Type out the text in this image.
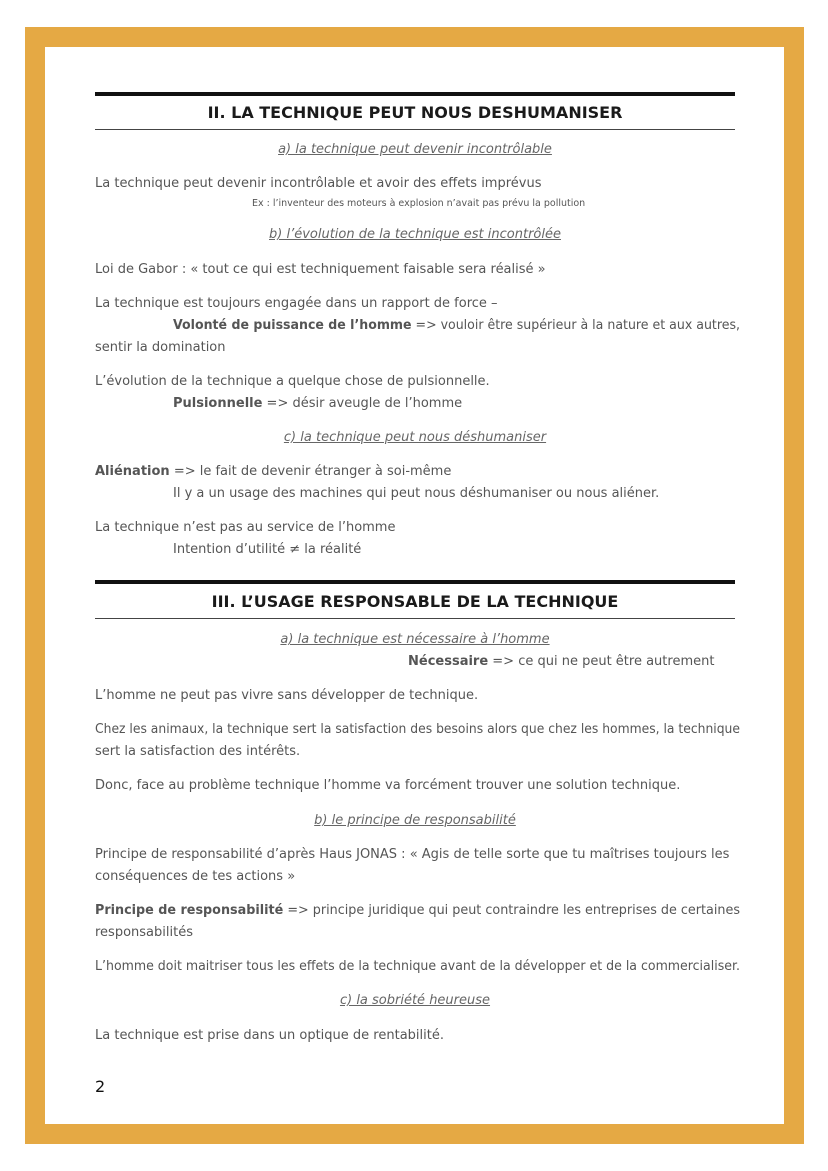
II. LA TECHNIQUE PEUT NOUS DESHUMANISER
a) la technique peut devenir incontrôlable
La technique peut devenir incontrôlable et avoir des effets imprévus
Ex : l’inventeur des moteurs à explosion n’avait pas prévu la pollution
b) l’évolution de la technique est incontrôlée
Loi de Gabor : « tout ce qui est techniquement faisable sera réalisé »
La technique est toujours engagée dans un rapport de force –
Volonté de puissance de l’homme => vouloir être supérieur à la nature et aux autres,
sentir la domination
L’évolution de la technique a quelque chose de pulsionnelle.
Pulsionnelle => désir aveugle de l’homme
c) la technique peut nous déshumaniser
Aliénation => le fait de devenir étranger à soi-même
Il y a un usage des machines qui peut nous déshumaniser ou nous aliéner.
La technique n’est pas au service de l’homme
Intention d’utilité ≠ la réalité
III. L’USAGE RESPONSABLE DE LA TECHNIQUE
a) la technique est nécessaire à l’homme
Nécessaire => ce qui ne peut être autrement
L’homme ne peut pas vivre sans développer de technique.
Chez les animaux, la technique sert la satisfaction des besoins alors que chez les hommes, la technique
sert la satisfaction des intérêts.
Donc, face au problème technique l’homme va forcément trouver une solution technique.
b) le principe de responsabilité
Principe de responsabilité d’après Haus JONAS : « Agis de telle sorte que tu maîtrises toujours les
conséquences de tes actions »
Principe de responsabilité => principe juridique qui peut contraindre les entreprises de certaines
responsabilités
L’homme doit maitriser tous les effets de la technique avant de la développer et de la commercialiser.
c) la sobriété heureuse
La technique est prise dans un optique de rentabilité.
2
